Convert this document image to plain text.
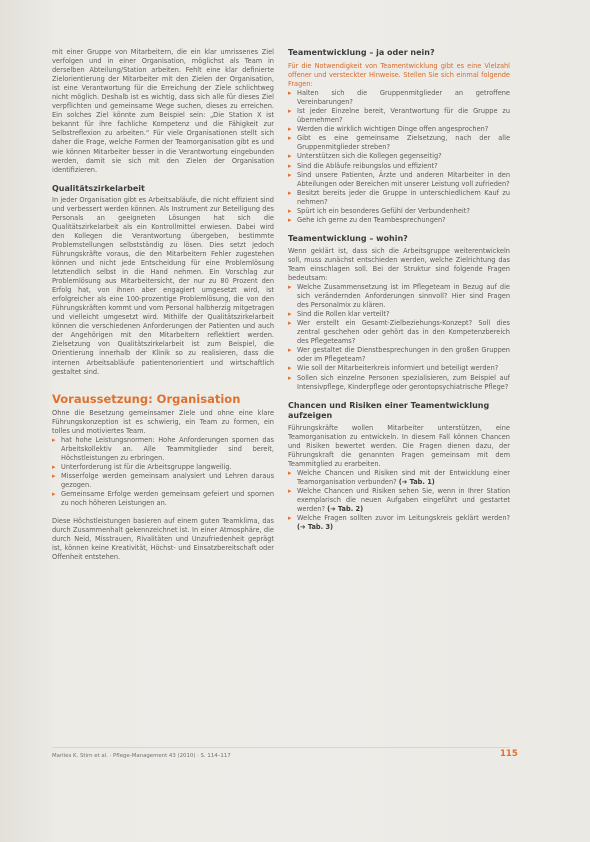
mit einer Gruppe von Mitarbeitern, die ein klar umrissenes Ziel verfolgen und in einer Organisation, möglichst als Team in derselben Abteilung/Station arbeiten. Fehlt eine klar definierte Zielorientierung der Mitarbeiter mit den Zielen der Organisation, ist eine Verantwortung für die Erreichung der Ziele schlichtweg nicht möglich. Deshalb ist es wichtig, dass sich alle für dieses Ziel verpflichten und gemeinsame Wege suchen, dieses zu erreichen. Ein solches Ziel könnte zum Beispiel sein: „Die Station X ist bekannt für ihre fachliche Kompetenz und die Fähigkeit zur Selbstreflexion zu arbeiten.“ Für viele Organisationen stellt sich daher die Frage, welche Formen der Teamorganisation gibt es und wie können Mitarbeiter besser in die Verantwortung eingebunden werden, damit sie sich mit den Zielen der Organisation identifizieren.

Qualitätszirkelarbeit

In jeder Organisation gibt es Arbeitsabläufe, die nicht effizient sind und verbessert werden können. Als Instrument zur Beteiligung des Personals an geeigneten Lösungen hat sich die Qualitätszirkelarbeit als ein Kontrollmittel erwiesen. Dabei wird den Kollegen die Verantwortung übergeben, bestimmte Problemstellungen selbstständig zu lösen. Dies setzt jedoch Führungskräfte voraus, die den Mitarbeitern Fehler zugestehen können und nicht jede Entscheidung für eine Problemlösung letztendlich selbst in die Hand nehmen. Ein Vorschlag zur Problemlösung aus Mitarbeitersicht, der nur zu 80 Prozent den Erfolg hat, von ihnen aber engagiert umgesetzt wird, ist erfolgreicher als eine 100-prozentige Problemlösung, die von den Führungskräften kommt und vom Personal halbherzig mitgetragen und vielleicht umgesetzt wird. Mithilfe der Qualitätszirkelarbeit können die verschiedenen Anforderungen der Patienten und auch der Angehörigen mit den Mitarbeitern reflektiert werden. Zielsetzung von Qualitätszirkelarbeit ist zum Beispiel, die Orientierung innerhalb der Klinik so zu realisieren, dass die internen Arbeitsabläufe patientenorientiert und wirtschaftlich gestaltet sind.

Voraussetzung: Organisation

Ohne die Besetzung gemeinsamer Ziele und ohne eine klare Führungskonzeption ist es schwierig, ein Team zu formen, ein tolles und motiviertes Team.

▸ hat hohe Leistungsnormen: Hohe Anforderungen spornen das Arbeitskollektiv an. Alle Teammitglieder sind bereit, Höchstleistungen zu erbringen.
▸ Unterforderung ist für die Arbeitsgruppe langweilig.
▸ Misserfolge werden gemeinsam analysiert und Lehren daraus gezogen.
▸ Gemeinsame Erfolge werden gemeinsam gefeiert und spornen zu noch höheren Leistungen an.

Diese Höchstleistungen basieren auf einem guten Teamklima, das durch Zusammenhalt gekennzeichnet ist. In einer Atmosphäre, die durch Neid, Misstrauen, Rivalitäten und Unzufriedenheit geprägt ist, können keine Kreativität, Höchst- und Einsatzbereitschaft oder Offenheit entstehen.

Teamentwicklung – ja oder nein?

Für die Notwendigkeit von Teamentwicklung gibt es eine Vielzahl offener und versteckter Hinweise. Stellen Sie sich einmal folgende Fragen:

▸ Halten sich die Gruppenmitglieder an getroffene Vereinbarungen?
▸ Ist jeder Einzelne bereit, Verantwortung für die Gruppe zu übernehmen?
▸ Werden die wirklich wichtigen Dinge offen angesprochen?
▸ Gibt es eine gemeinsame Zielsetzung, nach der alle Gruppenmitglieder streben?
▸ Unterstützen sich die Kollegen gegenseitig?
▸ Sind die Abläufe reibungslos und effizient?
▸ Sind unsere Patienten, Ärzte und anderen Mitarbeiter in den Abteilungen oder Bereichen mit unserer Leistung voll zufrieden?
▸ Besitzt bereits jeder die Gruppe in unterschiedlichem Kauf zu nehmen?
▸ Spürt ich ein besonderes Gefühl der Verbundenheit?
▸ Gehe ich gerne zu den Teambesprechungen?
Teamentwicklung – wohin?

Wenn geklärt ist, dass sich die Arbeitsgruppe weiterentwickeln soll, muss zunächst entschieden werden, welche Zielrichtung das Team einschlagen soll. Bei der Struktur sind folgende Fragen bedeutsam:

▸ Welche Zusammensetzung ist im Pflegeteam in Bezug auf die sich verändernden Anforderungen sinnvoll? Hier sind Fragen des Personalmix zu klären.
▸ Sind die Rollen klar verteilt?
▸ Wer erstellt ein Gesamt-Zielbeziehungs-Konzept? Soll dies zentral geschehen oder gehört das in den Kompetenzbereich des Pflegeteams?
▸ Wer gestaltet die Dienstbesprechungen in den großen Gruppen oder im Pflegeteam?
▸ Wie soll der Mitarbeiterkreis informiert und beteiligt werden?
▸ Sollen sich einzelne Personen spezialisieren, zum Beispiel auf Intensivpflege, Kinderpflege oder gerontopsychiatrische Pflege?
Chancen und Risiken einer Teamentwicklung aufzeigen

Führungskräfte wollen Mitarbeiter unterstützen, eine Teamorganisation zu entwickeln. In diesem Fall können Chancen und Risiken bewertet werden. Die Fragen dienen dazu, der Führungskraft die genannten Fragen gemeinsam mit dem Teammitglied zu erarbeiten.

▸ Welche Chancen und Risiken sind mit der Entwicklung einer Teamorganisation verbunden? (➔ Tab. 1)
▸ Welche Chancen und Risiken sehen Sie, wenn in Ihrer Station exemplarisch die neuen Aufgaben eingeführt und gestartet werden? (➔ Tab. 2)
▸ Welche Fragen sollten zuvor im Leitungskreis geklärt werden? (➔ Tab. 3)
Marlies K. Stirn et al. · Pflege-Management 43 (2010) · S. 114–117	115
